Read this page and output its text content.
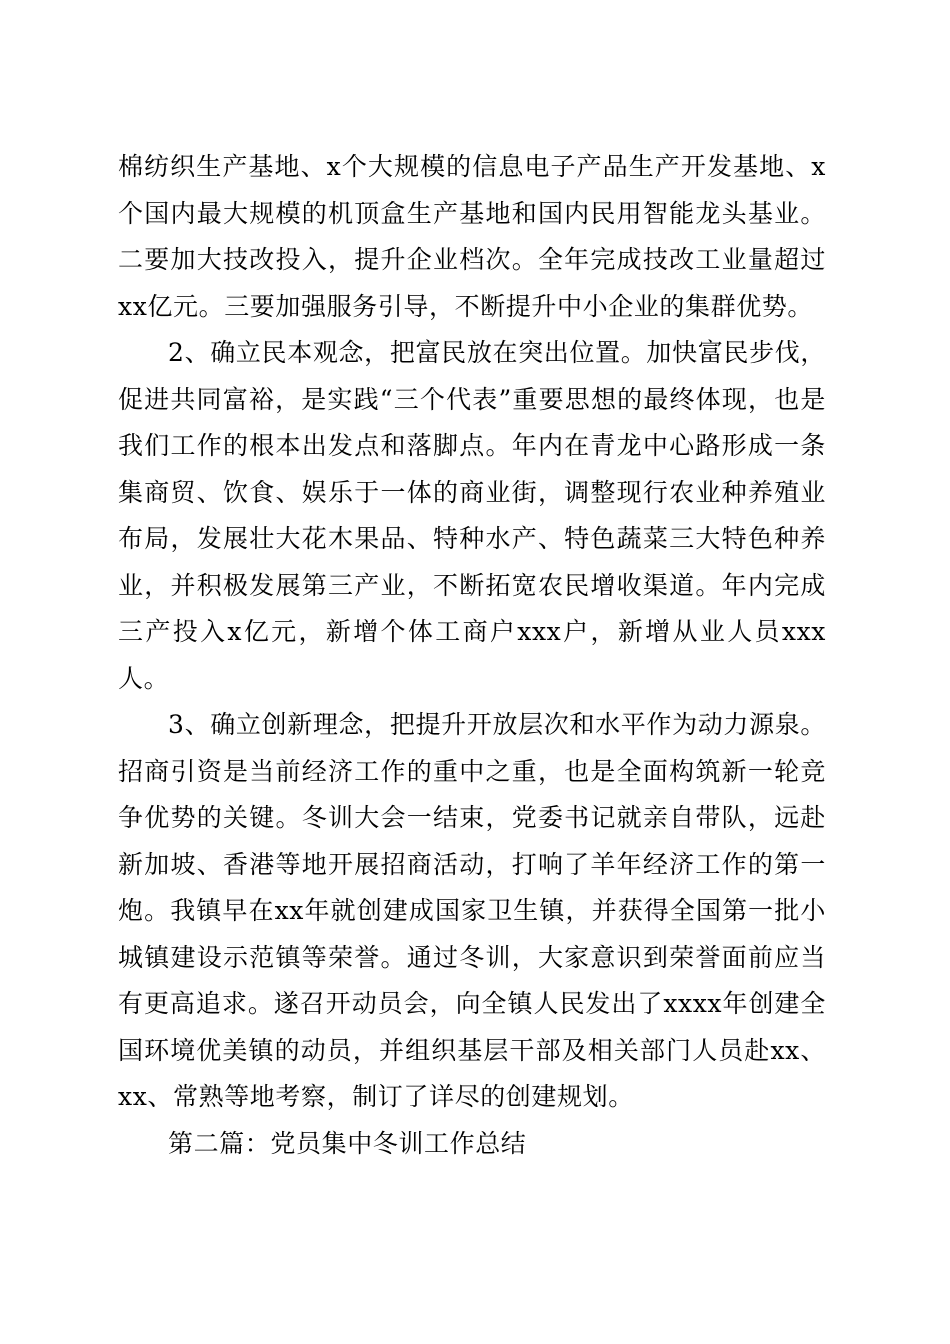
棉纺织生产基地、x个大规模的信息电子产品生产开发基地、x个国内最大规模的机顶盒生产基地和国内民用智能龙头基业。二要加大技改投入，提升企业档次。全年完成技改工业量超过xx亿元。三要加强服务引导，不断提升中小企业的集群优势。

2、确立民本观念，把富民放在突出位置。加快富民步伐，促进共同富裕，是实践“三个代表”重要思想的最终体现，也是我们工作的根本出发点和落脚点。年内在青龙中心路形成一条集商贸、饮食、娱乐于一体的商业街，调整现行农业种养殖业布局，发展壮大花木果品、特种水产、特色蔬菜三大特色种养业，并积极发展第三产业，不断拓宽农民增收渠道。年内完成三产投入x亿元，新增个体工商户xxx户，新增从业人员xxx人。

3、确立创新理念，把提升开放层次和水平作为动力源泉。招商引资是当前经济工作的重中之重，也是全面构筑新一轮竞争优势的关键。冬训大会一结束，党委书记就亲自带队，远赴新加坡、香港等地开展招商活动，打响了羊年经济工作的第一炮。我镇早在xx年就创建成国家卫生镇，并获得全国第一批小城镇建设示范镇等荣誉。通过冬训，大家意识到荣誉面前应当有更高追求。遂召开动员会，向全镇人民发出了xxxx年创建全国环境优美镇的动员，并组织基层干部及相关部门人员赴xx、xx、常熟等地考察，制订了详尽的创建规划。

第二篇：党员集中冬训工作总结
